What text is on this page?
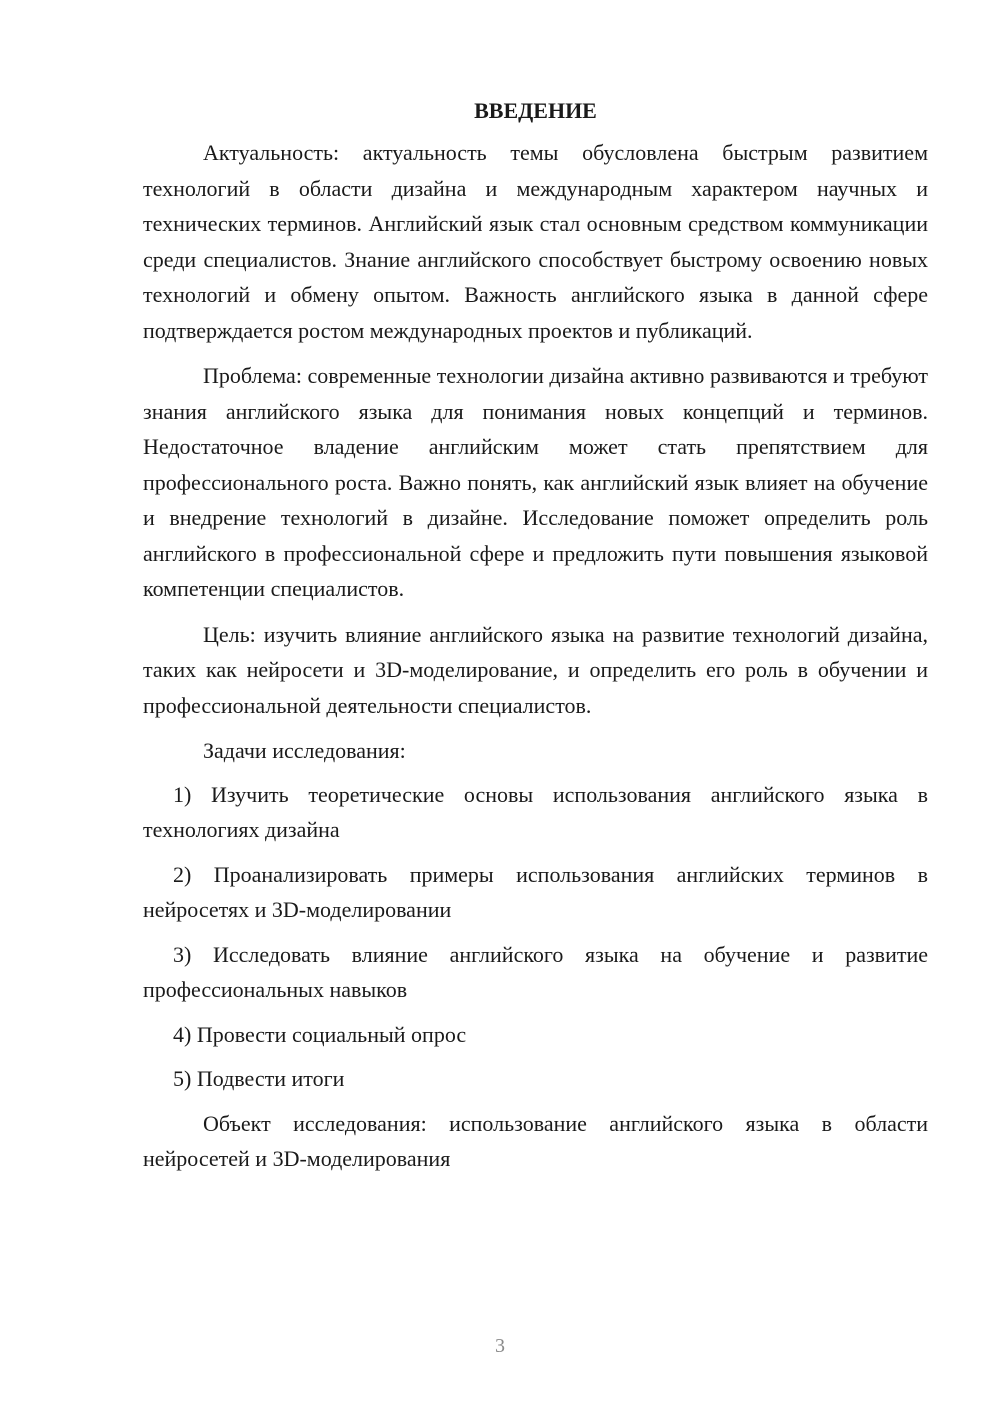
ВВЕДЕНИЕ

Актуальность: актуальность темы обусловлена быстрым развитием технологий в области дизайна и международным характером научных и технических терминов. Английский язык стал основным средством коммуникации среди специалистов. Знание английского способствует быстрому освоению новых технологий и обмену опытом. Важность английского языка в данной сфере подтверждается ростом международных проектов и публикаций.

Проблема: современные технологии дизайна активно развиваются и требуют знания английского языка для понимания новых концепций и терминов. Недостаточное владение английским может стать препятствием для профессионального роста. Важно понять, как английский язык влияет на обучение и внедрение технологий в дизайне. Исследование поможет определить роль английского в профессиональной сфере и предложить пути повышения языковой компетенции специалистов.

Цель: изучить влияние английского языка на развитие технологий дизайна, таких как нейросети и 3D-моделирование, и определить его роль в обучении и профессиональной деятельности специалистов.

Задачи исследования:

1) Изучить теоретические основы использования английского языка в технологиях дизайна

2) Проанализировать примеры использования английских терминов в нейросетях и 3D-моделировании

3) Исследовать влияние английского языка на обучение и развитие профессиональных навыков

4) Провести социальный опрос

5) Подвести итоги

Объект исследования: использование английского языка в области нейросетей и 3D-моделирования

3
